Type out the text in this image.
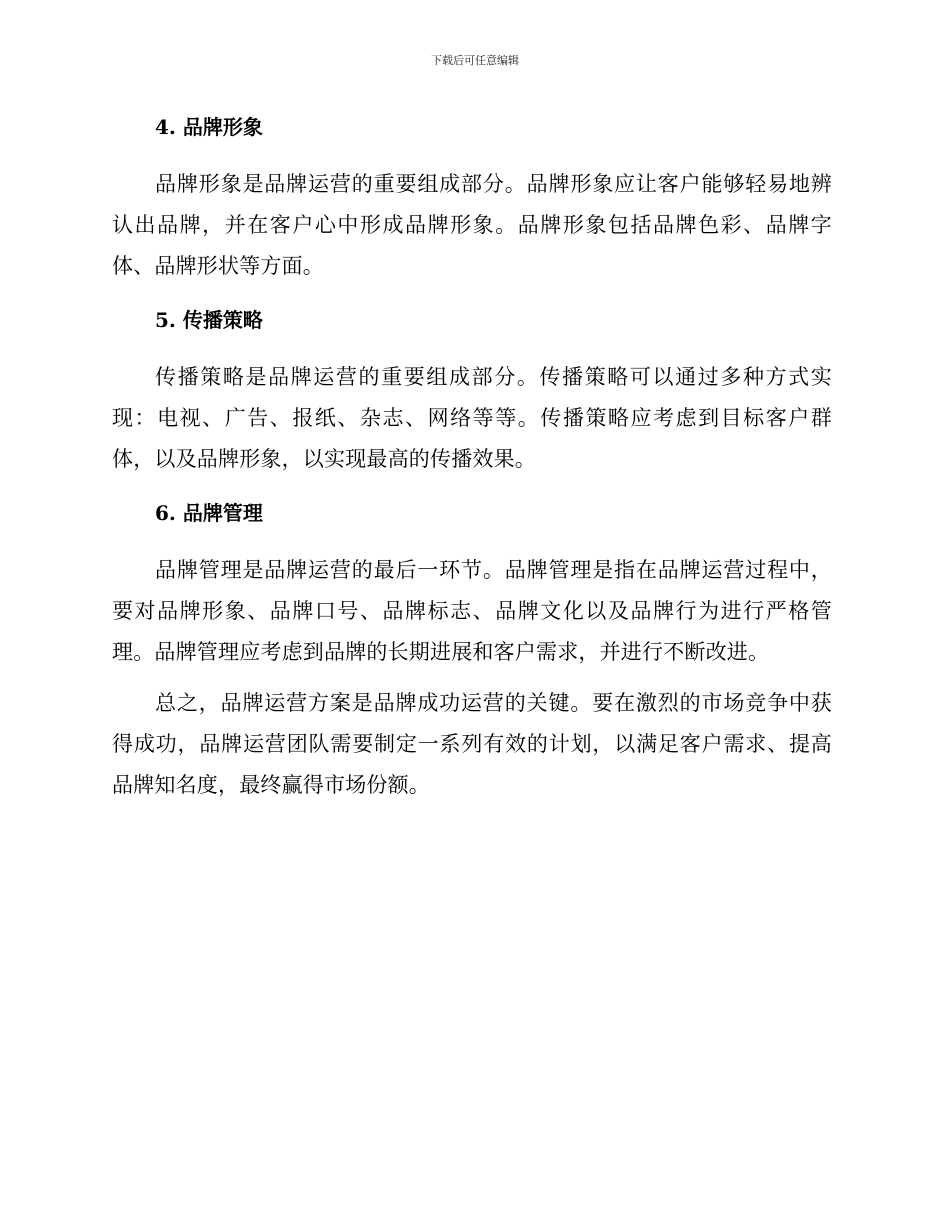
下载后可任意编辑
4. 品牌形象

品牌形象是品牌运营的重要组成部分。品牌形象应让客户能够轻易地辨认出品牌，并在客户心中形成品牌形象。品牌形象包括品牌色彩、品牌字体、品牌形状等方面。

5. 传播策略

传播策略是品牌运营的重要组成部分。传播策略可以通过多种方式实现：电视、广告、报纸、杂志、网络等等。传播策略应考虑到目标客户群体，以及品牌形象，以实现最高的传播效果。

6. 品牌管理

品牌管理是品牌运营的最后一环节。品牌管理是指在品牌运营过程中，要对品牌形象、品牌口号、品牌标志、品牌文化以及品牌行为进行严格管理。品牌管理应考虑到品牌的长期进展和客户需求，并进行不断改进。

总之，品牌运营方案是品牌成功运营的关键。要在激烈的市场竞争中获得成功，品牌运营团队需要制定一系列有效的计划，以满足客户需求、提高品牌知名度，最终赢得市场份额。
